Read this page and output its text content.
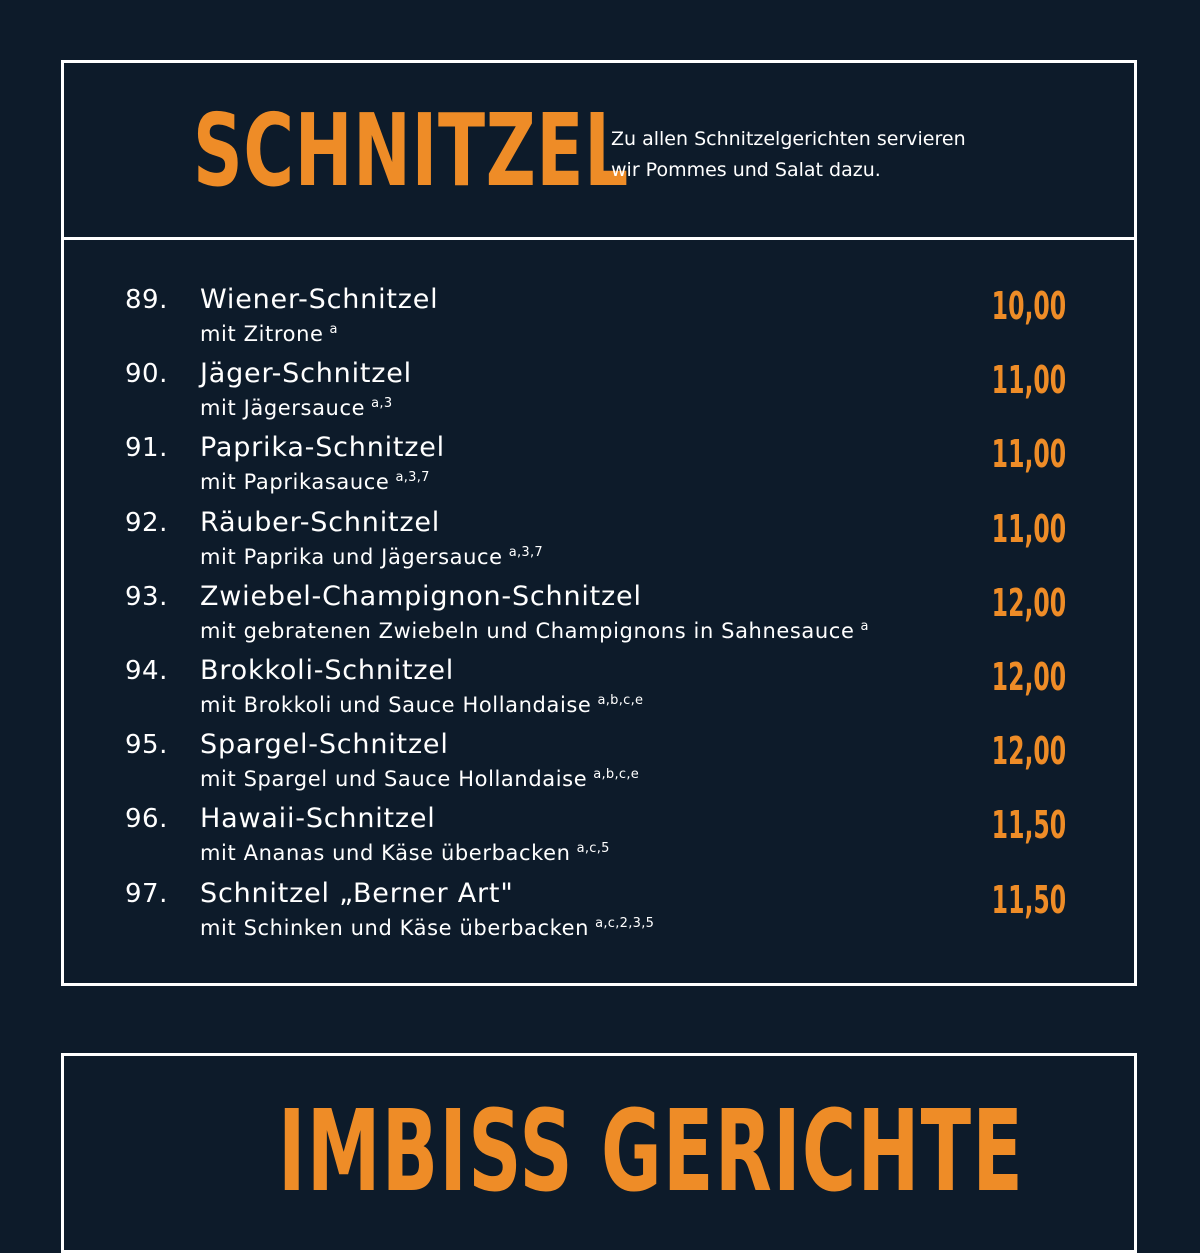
SCHNITZEL
Zu allen Schnitzelgerichten servieren
wir Pommes und Salat dazu.
89. Wiener-Schnitzel
mit Zitrone $^a$
10,00
90. Jäger-Schnitzel
mit Jägersauce $^{a,3}$
11,00
91. Paprika-Schnitzel
mit Paprikasauce $^{a,3,7}$
11,00
92. Räuber-Schnitzel
mit Paprika und Jägersauce $^{a,3,7}$
11,00
93. Zwiebel-Champignon-Schnitzel
mit gebratenen Zwiebeln und Champignons in Sahnesauce $^a$
12,00
94. Brokkoli-Schnitzel
mit Brokkoli und Sauce Hollandaise $^{a,b,c,e}$
12,00
95. Spargel-Schnitzel
mit Spargel und Sauce Hollandaise $^{a,b,c,e}$
12,00
96. Hawaii-Schnitzel
mit Ananas und Käse überbacken $^{a,c,5}$
11,50
97. Schnitzel „Berner Art"
mit Schinken und Käse überbacken $^{a,c,2,3,5}$
11,50
IMBISS GERICHTE
